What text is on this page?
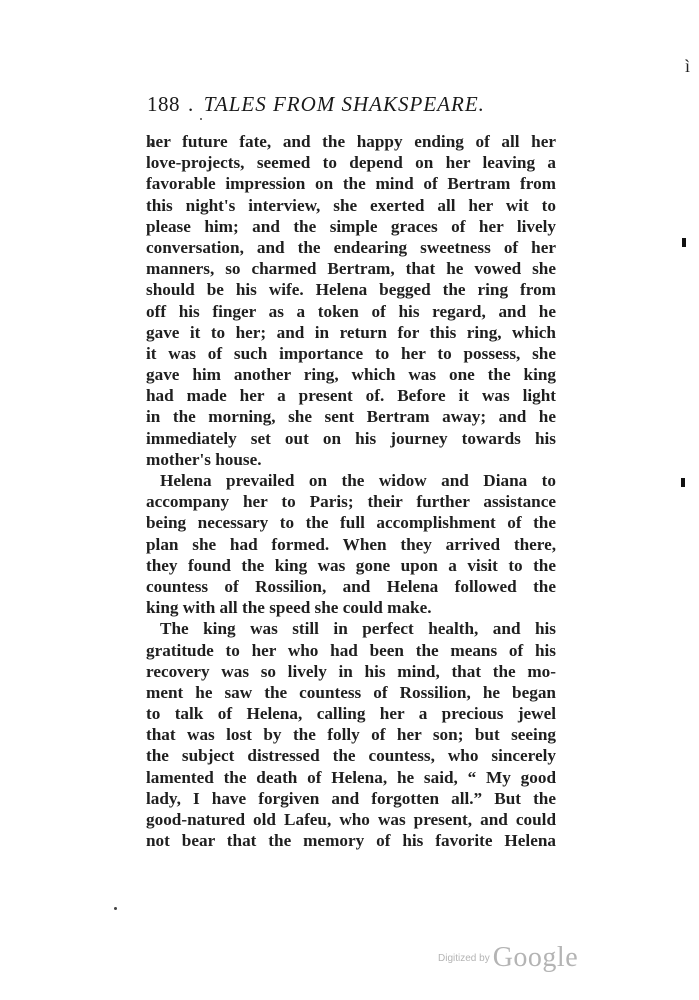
ì
188 . TALES FROM SHAKSPEARE.
her future fate, and the happy ending of all her
love-projects, seemed to depend on her leaving a
favorable impression on the mind of Bertram from
this night's interview, she exerted all her wit to
please him; and the simple graces of her lively
conversation, and the endearing sweetness of her
manners, so charmed Bertram, that he vowed she
should be his wife. Helena begged the ring from
off his finger as a token of his regard, and he
gave it to her; and in return for this ring, which
it was of such importance to her to possess, she
gave him another ring, which was one the king
had made her a present of. Before it was light
in the morning, she sent Bertram away; and he
immediately set out on his journey towards his
mother's house.
Helena prevailed on the widow and Diana to
accompany her to Paris; their further assistance
being necessary to the full accomplishment of the
plan she had formed. When they arrived there,
they found the king was gone upon a visit to the
countess of Rossilion, and Helena followed the
king with all the speed she could make.
The king was still in perfect health, and his
gratitude to her who had been the means of his
recovery was so lively in his mind, that the mo-
ment he saw the countess of Rossilion, he began
to talk of Helena, calling her a precious jewel
that was lost by the folly of her son; but seeing
the subject distressed the countess, who sincerely
lamented the death of Helena, he said, “ My good
lady, I have forgiven and forgotten all.” But the
good-natured old Lafeu, who was present, and could
not bear that the memory of his favorite Helena
$^{Digitized by}$ Google
